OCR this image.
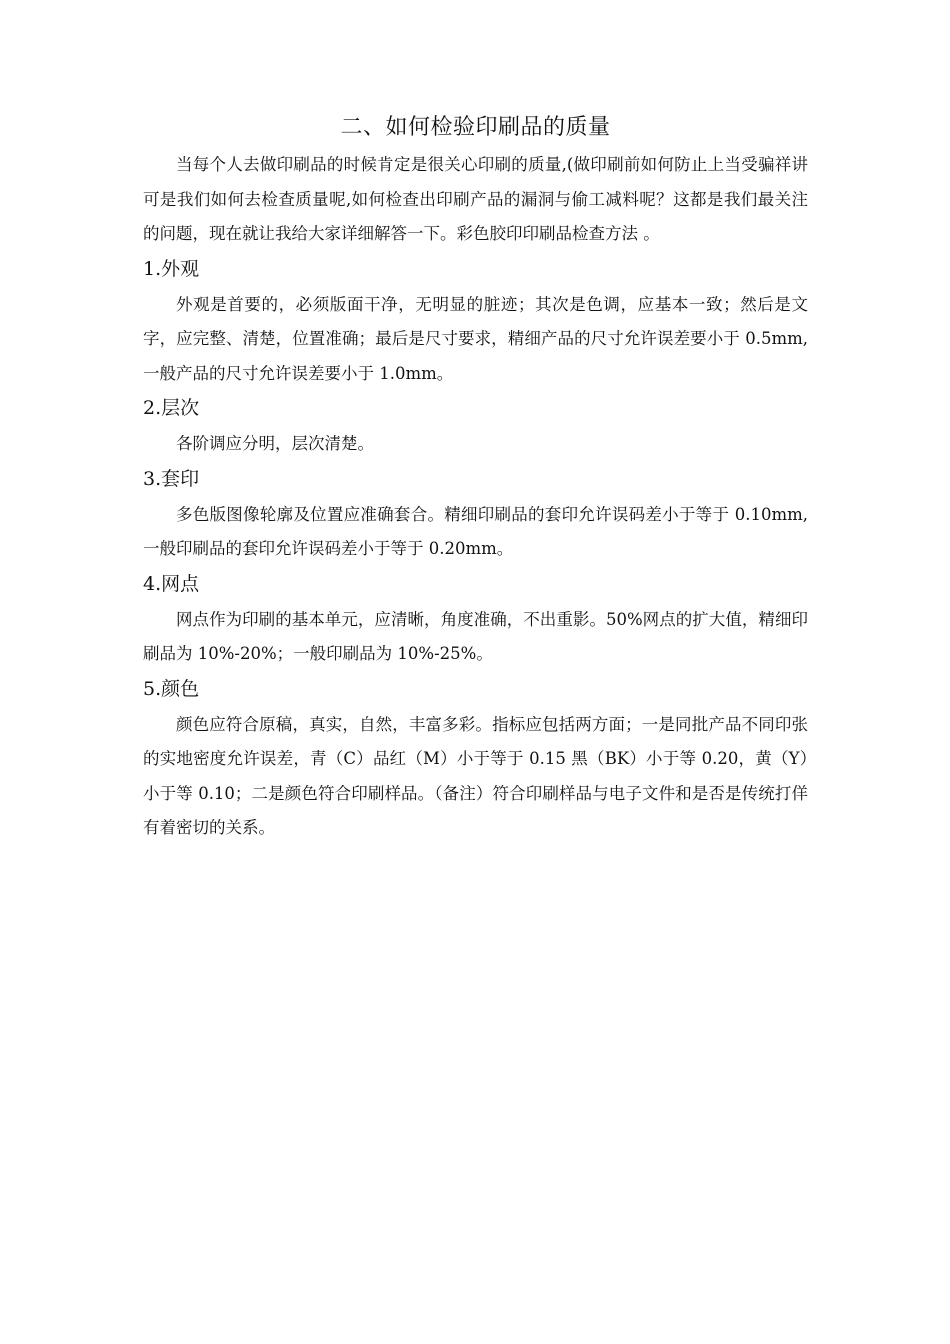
二、如何检验印刷品的质量

当每个人去做印刷品的时候肯定是很关心印刷的质量,(做印刷前如何防止上当受骗祥讲可是我们如何去检查质量呢,如何检查出印刷产品的漏洞与偷工减料呢？这都是我们最关注的问题，现在就让我给大家详细解答一下。彩色胶印印刷品检查方法 。

1.外观

外观是首要的，必须版面干净，无明显的脏迹；其次是色调，应基本一致；然后是文字，应完整、清楚，位置准确；最后是尺寸要求，精细产品的尺寸允许误差要小于 0.5mm,一般产品的尺寸允许误差要小于 1.0mm。

2.层次

各阶调应分明，层次清楚。

3.套印

多色版图像轮廓及位置应准确套合。精细印刷品的套印允许误码差小于等于 0.10mm,一般印刷品的套印允许误码差小于等于 0.20mm。

4.网点

网点作为印刷的基本单元，应清晰，角度准确，不出重影。50%网点的扩大值，精细印刷品为 10%-20%；一般印刷品为 10%-25%。

5.颜色

颜色应符合原稿，真实，自然，丰富多彩。指标应包括两方面；一是同批产品不同印张的实地密度允许误差，青（C）品红（M）小于等于 0.15 黑（BK）小于等 0.20，黄（Y）小于等 0.10；二是颜色符合印刷样品。（备注）符合印刷样品与电子文件和是否是传统打佯有着密切的关系。
